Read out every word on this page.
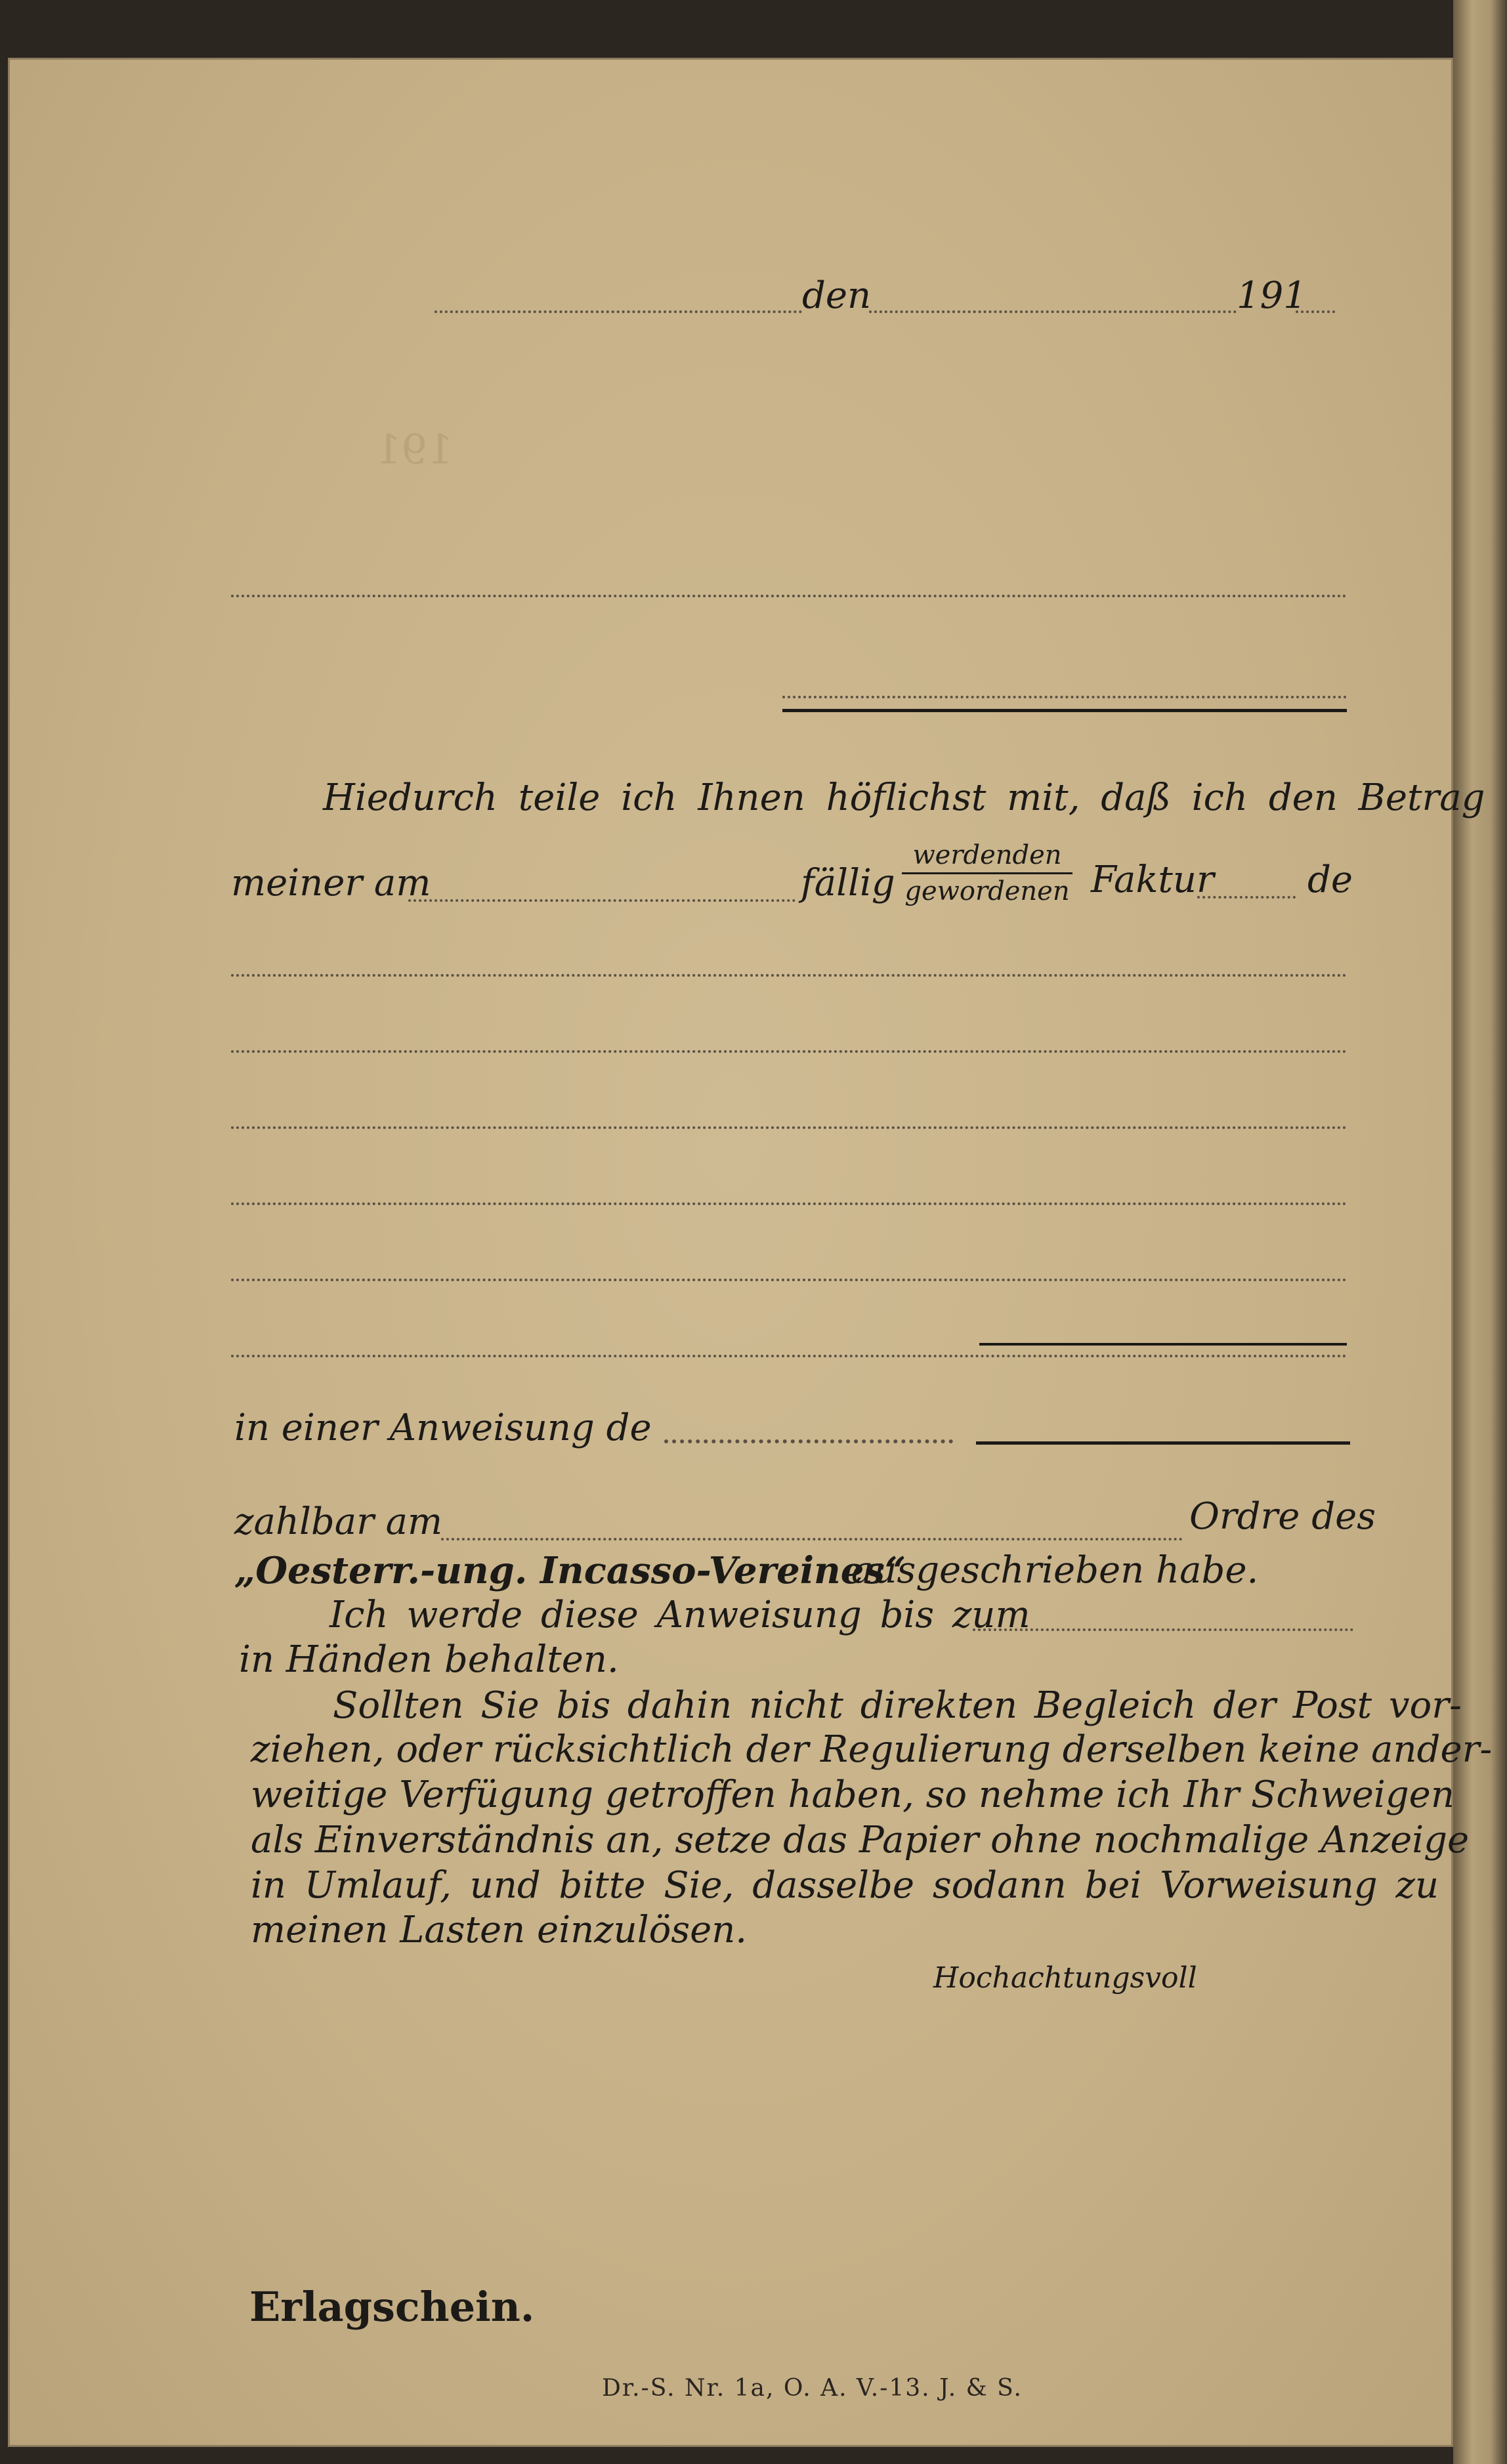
191
den	191
Hiedurch teile ich Ihnen höflichst mit, daß ich den Betrag
meiner am	fällig
werdenden
gewordenen Faktur	de
in einer Anweisung de
zahlbar am	Ordre des
„Oesterr.-ung. Incasso-Vereines“
ausgeschrieben habe.
Ich werde diese Anweisung bis zum
in Händen behalten.
Sollten Sie bis dahin nicht direkten Begleich der Post vor-
ziehen, oder rücksichtlich der Regulierung derselben keine ander-
weitige Verfügung getroffen haben, so nehme ich Ihr Schweigen
als Einverständnis an, setze das Papier ohne nochmalige Anzeige
in Umlauf, und bitte Sie, dasselbe sodann bei Vorweisung zu
meinen Lasten einzulösen.
Hochachtungsvoll
Erlagschein.
Dr.-S. Nr. 1a, O. A. V.-13. J. & S.
